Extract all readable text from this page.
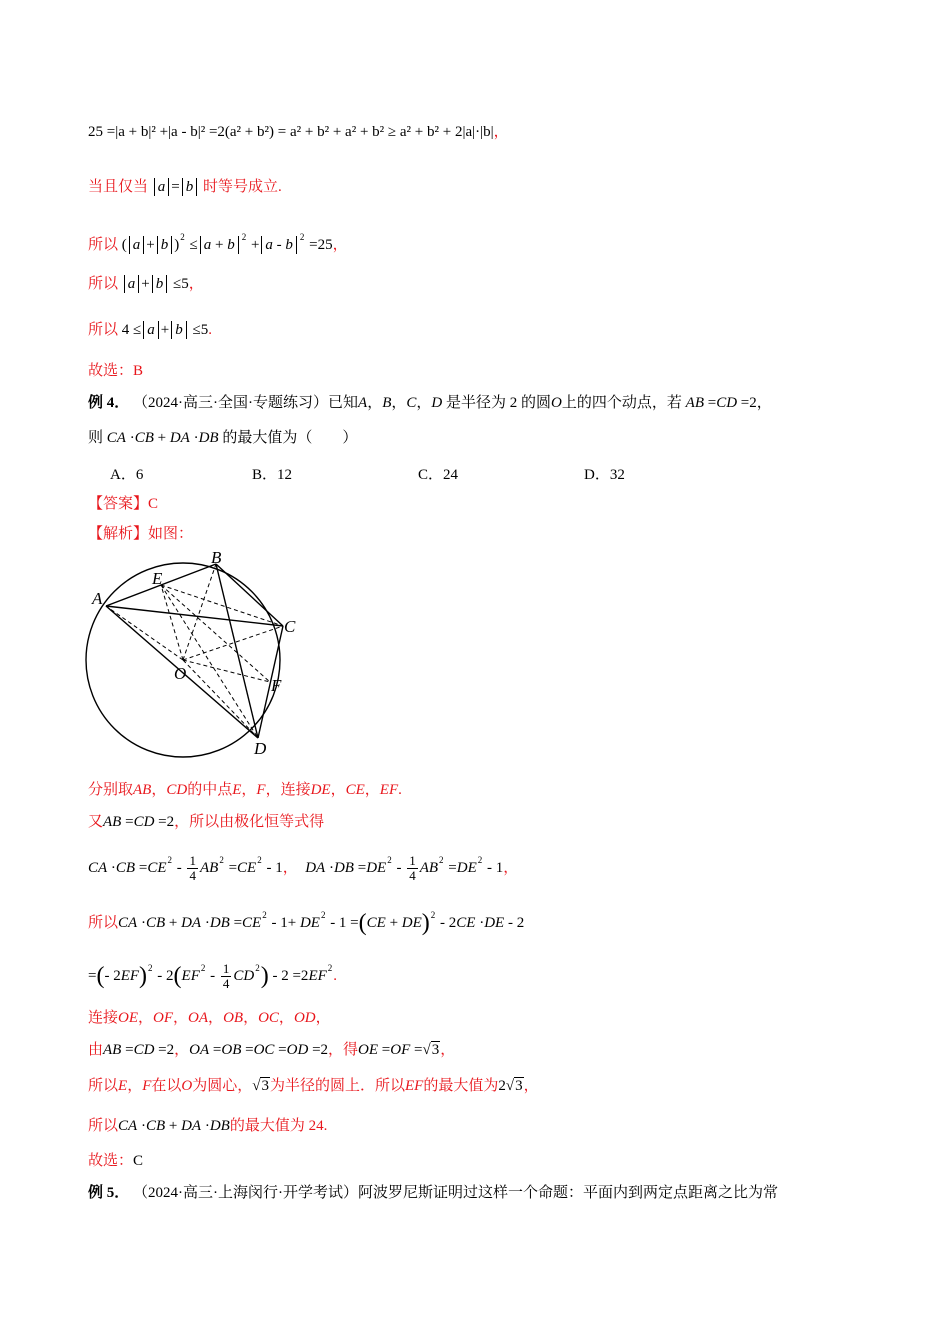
25 =|a + b|² +|a - b|² =2(a² + b²) = a² + b² + a² + b² ≥ a² + b² + 2|a|·|b|，
当且仅当 a = b 时等号成立.
所以 ( a + b )$^2$ ≤ a + b $^2$ + a - b $^2$ =25，
所以 a + b ≤5，
所以 4 ≤ a + b ≤5.
故选：B
例 4． （2024·高三·全国·专题练习）已知A，B，C，D 是半径为 2 的圆O上的四个动点，若 AB =CD =2，
则 CA ·CB + DA ·DB 的最大值为（　　）
A．6	B．12	C．24	D．32
【答案】C
【解析】如图：
A
B
C
D
E
F
O
分别取AB，CD的中点E，F，连接DE，CE，EF.
又AB =CD =2，所以由极化恒等式得
CA $\cdot CB =CE^2 - \frac{1}{4} AB^2 =CE^2 - 1$， DA $\cdot DB =DE^2 - \frac{1}{4} AB^2 =DE^2 - 1$，
所以CA ·CB + DA $\cdot DB =CE^2 - 1+ DE^2 - 1 =(CE + DE)^2 - 2CE \cdot DE - 2$
=(- $2EF)^2 - 2(EF^2 - \frac{1}{4} CD^2) - 2 =2EF^2$.
连接OE，OF，OA，OB，OC，OD，
由AB =CD =2，OA =OB =OC =OD =2，得OE =OF =√3，
所以E，F在以O为圆心，√3为半径的圆上．所以EF的最大值为2√3，
所以CA ·CB + DA ·DB的最大值为 24.
故选：C
例 5． （2024·高三·上海闵行·开学考试）阿波罗尼斯证明过这样一个命题：平面内到两定点距离之比为常
